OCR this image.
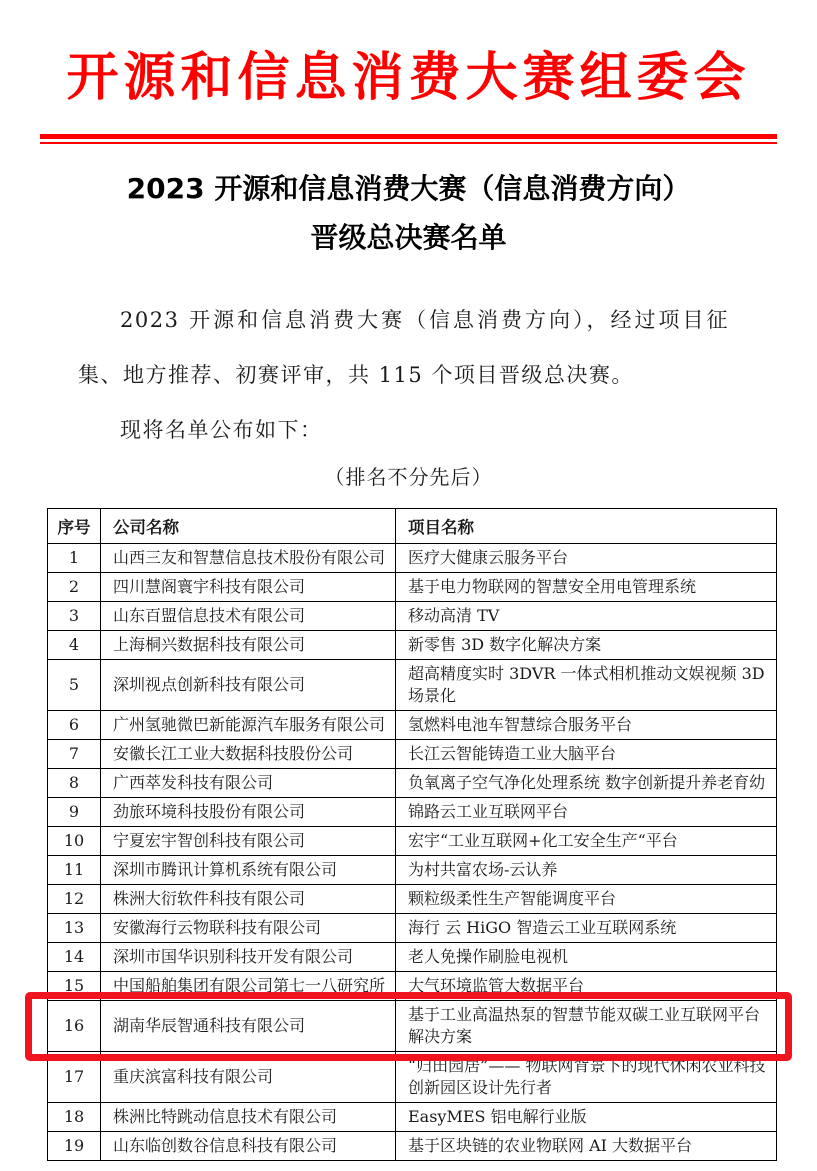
开源和信息消费大赛组委会
2023 开源和信息消费大赛（信息消费方向）
晋级总决赛名单

2023 开源和信息消费大赛（信息消费方向），经过项目征集、地方推荐、初赛评审，共 115 个项目晋级总决赛。

现将名单公布如下：

（排名不分先后）

序号	公司名称	项目名称
1	山西三友和智慧信息技术股份有限公司	医疗大健康云服务平台
2	四川慧阁寰宇科技有限公司	基于电力物联网的智慧安全用电管理系统
3	山东百盟信息技术有限公司	移动高清 TV
4	上海桐兴数据科技有限公司	新零售 3D 数字化解决方案
5	深圳视点创新科技有限公司	超高精度实时 3DVR 一体式相机推动文娱视频 3D 场景化
6	广州氢驰微巴新能源汽车服务有限公司	氢燃料电池车智慧综合服务平台
7	安徽长江工业大数据科技股份公司	长江云智能铸造工业大脑平台
8	广西萃发科技有限公司	负氧离子空气净化处理系统 数字创新提升养老育幼
9	劲旅环境科技股份有限公司	锦路云工业互联网平台
10	宁夏宏宇智创科技有限公司	宏宇“工业互联网+化工安全生产“平台
11	深圳市腾讯计算机系统有限公司	为村共富农场-云认养
12	株洲大衍软件科技有限公司	颗粒级柔性生产智能调度平台
13	安徽海行云物联科技有限公司	海行 云 HiGO 智造云工业互联网系统
14	深圳市国华识别科技开发有限公司	老人免操作刷脸电视机
15	中国船舶集团有限公司第七一八研究所	大气环境监管大数据平台
16	湖南华辰智通科技有限公司	基于工业高温热泵的智慧节能双碳工业互联网平台解决方案
17	重庆滨富科技有限公司	“归田园居”—— 物联网背景下的现代休闲农业科技创新园区设计先行者
18	株洲比特跳动信息技术有限公司	EasyMES 铝电解行业版
19	山东临创数谷信息科技有限公司	基于区块链的农业物联网 AI 大数据平台
